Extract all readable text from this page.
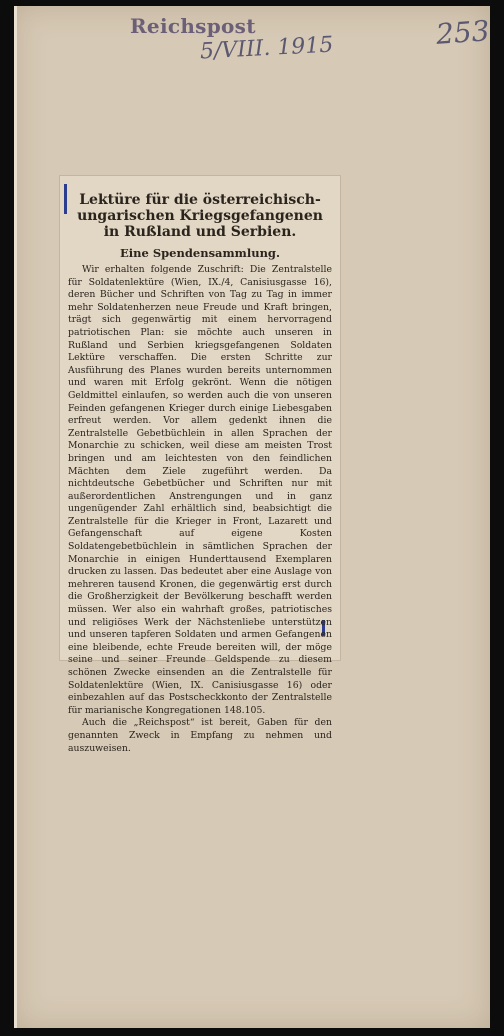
Reichspost
5/VIII. 1915	253
Lektüre für die österreichisch-ungarischen Kriegsgefangenen in Rußland und Serbien.
Eine Spendensammlung.

Wir erhalten folgende Zuschrift: Die Zentralstelle für Soldatenlektüre (Wien, IX./4, Canisiusgasse 16), deren Bücher und Schriften von Tag zu Tag in immer mehr Soldatenherzen neue Freude und Kraft bringen, trägt sich gegenwärtig mit einem hervorragend patriotischen Plan: sie möchte auch unseren in Rußland und Serbien kriegsgefangenen Soldaten Lektüre verschaffen. Die ersten Schritte zur Ausführung des Planes wurden bereits unternommen und waren mit Erfolg gekrönt. Wenn die nötigen Geldmittel einlaufen, so werden auch die von unseren Feinden gefangenen Krieger durch einige Liebesgaben erfreut werden. Vor allem gedenkt ihnen die Zentralstelle Gebetbüchlein in allen Sprachen der Monarchie zu schicken, weil diese am meisten Trost bringen und am leichtesten von den feindlichen Mächten dem Ziele zugeführt werden. Da nichtdeutsche Gebetbücher und Schriften nur mit außerordentlichen Anstrengungen und in ganz ungenügender Zahl erhältlich sind, beabsichtigt die Zentralstelle für die Krieger in Front, Lazarett und Gefangenschaft auf eigene Kosten Soldatengebetbüchlein in sämtlichen Sprachen der Monarchie in einigen Hunderttausend Exemplaren drucken zu lassen. Das bedeutet aber eine Auslage von mehreren tausend Kronen, die gegenwärtig erst durch die Großherzigkeit der Bevölkerung beschafft werden müssen. Wer also ein wahrhaft großes, patriotisches und religiöses Werk der Nächstenliebe unterstützen und unseren tapferen Soldaten und armen Gefangenen eine bleibende, echte Freude bereiten will, der möge seine und seiner Freunde Geldspende zu diesem schönen Zwecke einsenden an die Zentralstelle für Soldatenlektüre (Wien, IX. Canisiusgasse 16) oder einbezahlen auf das Postscheckkonto der Zentralstelle für marianische Kongregationen 148.105.

Auch die „Reichspost“ ist bereit, Gaben für den genannten Zweck in Empfang zu nehmen und auszuweisen.
